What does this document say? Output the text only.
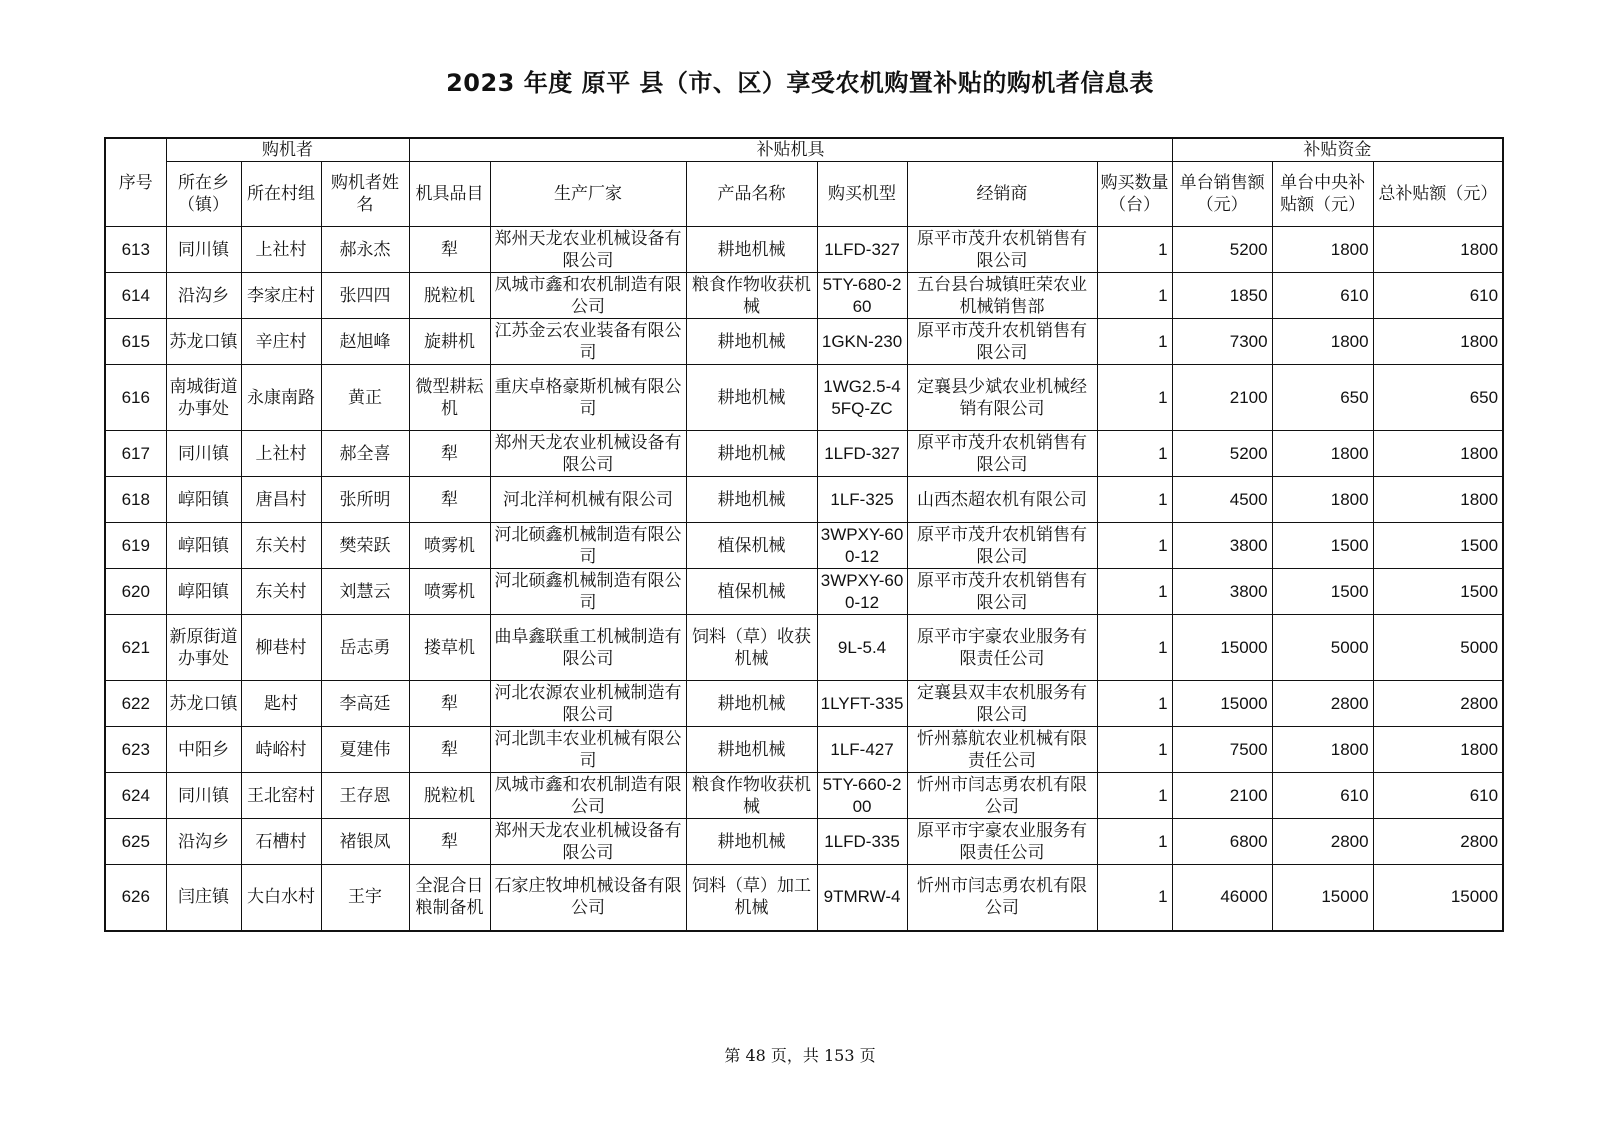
2023 年度 原平 县（市、区）享受农机购置补贴的购机者信息表
序号	购机者			补贴机具						补贴资金		
	所在乡（镇）	所在村组	购机者姓名	机具品目	生产厂家	产品名称	购买机型	经销商	购买数量（台）	单台销售额（元）	单台中央补贴额（元）	总补贴额（元）
613	同川镇	上社村	郝永杰	犁	郑州天龙农业机械设备有限公司	耕地机械	1LFD-327	原平市茂升农机销售有限公司	1	5200	1800	1800
614	沿沟乡	李家庄村	张四四	脱粒机	凤城市鑫和农机制造有限公司	粮食作物收获机械	5TY-680-260	五台县台城镇旺荣农业机械销售部	1	1850	610	610
615	苏龙口镇	辛庄村	赵旭峰	旋耕机	江苏金云农业装备有限公司	耕地机械	1GKN-230	原平市茂升农机销售有限公司	1	7300	1800	1800
616	南城街道办事处	永康南路	黄正	微型耕耘机	重庆卓格豪斯机械有限公司	耕地机械	1WG2.5-45FQ-ZC	定襄县少斌农业机械经销有限公司	1	2100	650	650
617	同川镇	上社村	郝全喜	犁	郑州天龙农业机械设备有限公司	耕地机械	1LFD-327	原平市茂升农机销售有限公司	1	5200	1800	1800
618	崞阳镇	唐昌村	张所明	犁	河北洋柯机械有限公司	耕地机械	1LF-325	山西杰超农机有限公司	1	4500	1800	1800
619	崞阳镇	东关村	樊荣跃	喷雾机	河北硕鑫机械制造有限公司	植保机械	3WPXY-600-12	原平市茂升农机销售有限公司	1	3800	1500	1500
620	崞阳镇	东关村	刘慧云	喷雾机	河北硕鑫机械制造有限公司	植保机械	3WPXY-600-12	原平市茂升农机销售有限公司	1	3800	1500	1500
621	新原街道办事处	柳巷村	岳志勇	搂草机	曲阜鑫联重工机械制造有限公司	饲料（草）收获机械	9L-5.4	原平市宇豪农业服务有限责任公司	1	15000	5000	5000
622	苏龙口镇	匙村	李高廷	犁	河北农源农业机械制造有限公司	耕地机械	1LYFT-335	定襄县双丰农机服务有限公司	1	15000	2800	2800
623	中阳乡	峙峪村	夏建伟	犁	河北凯丰农业机械有限公司	耕地机械	1LF-427	忻州慕航农业机械有限责任公司	1	7500	1800	1800
624	同川镇	王北窑村	王存恩	脱粒机	凤城市鑫和农机制造有限公司	粮食作物收获机械	5TY-660-200	忻州市闫志勇农机有限公司	1	2100	610	610
625	沿沟乡	石槽村	褚银凤	犁	郑州天龙农业机械设备有限公司	耕地机械	1LFD-335	原平市宇豪农业服务有限责任公司	1	6800	2800	2800
626	闫庄镇	大白水村	王宇	全混合日粮制备机	石家庄牧坤机械设备有限公司	饲料（草）加工机械	9TMRW-4	忻州市闫志勇农机有限公司	1	46000	15000	15000
第 48 页，共 153 页
